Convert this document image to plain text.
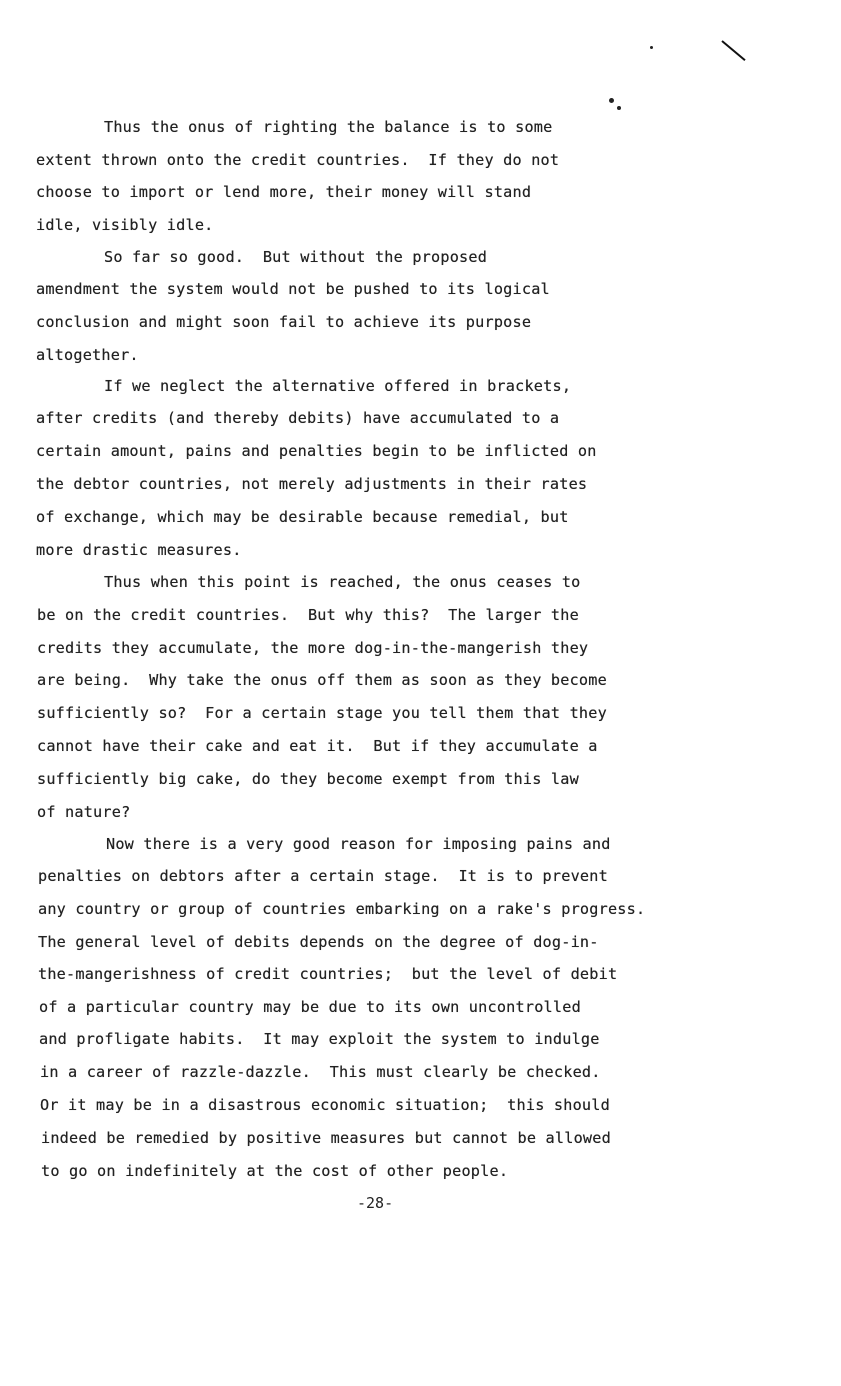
Thus the onus of righting the balance is to some
extent thrown onto the credit countries.  If they do not
choose to import or lend more, their money will stand
idle, visibly idle.
So far so good.  But without the proposed
amendment the system would not be pushed to its logical
conclusion and might soon fail to achieve its purpose
altogether.
If we neglect the alternative offered in brackets,
after credits (and thereby debits) have accumulated to a
certain amount, pains and penalties begin to be inflicted on
the debtor countries, not merely adjustments in their rates
of exchange, which may be desirable because remedial, but
more drastic measures.
Thus when this point is reached, the onus ceases to
be on the credit countries.  But why this?  The larger the
credits they accumulate, the more dog-in-the-mangerish they
are being.  Why take the onus off them as soon as they become
sufficiently so?  For a certain stage you tell them that they
cannot have their cake and eat it.  But if they accumulate a
sufficiently big cake, do they become exempt from this law
of nature?
Now there is a very good reason for imposing pains and
penalties on debtors after a certain stage.  It is to prevent
any country or group of countries embarking on a rake's progress.
The general level of debits depends on the degree of dog-in-
the-mangerishness of credit countries;  but the level of debit
of a particular country may be due to its own uncontrolled
and profligate habits.  It may exploit the system to indulge
in a career of razzle-dazzle.  This must clearly be checked.
Or it may be in a disastrous economic situation;  this should
indeed be remedied by positive measures but cannot be allowed
to go on indefinitely at the cost of other people.
-28-
